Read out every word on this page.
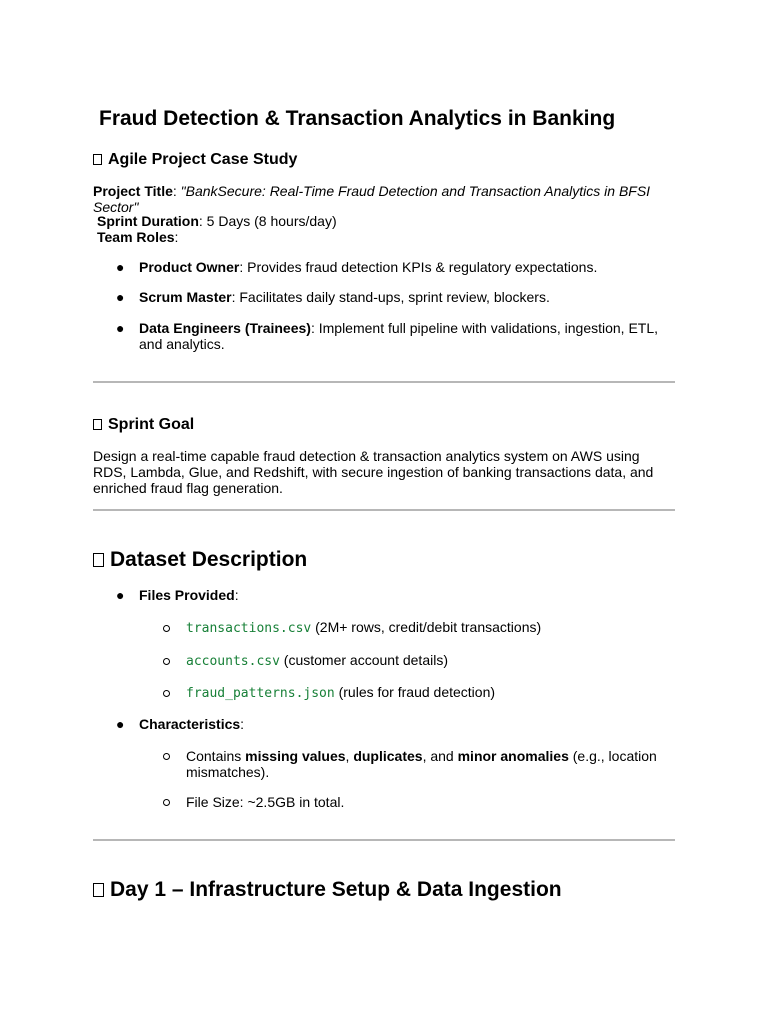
Fraud Detection & Transaction Analytics in Banking
Agile Project Case Study
Project Title: "BankSecure: Real-Time Fraud Detection and Transaction Analytics in BFSI Sector"
Sprint Duration: 5 Days (8 hours/day)
Team Roles:
● Product Owner: Provides fraud detection KPIs & regulatory expectations.
● Scrum Master: Facilitates daily stand-ups, sprint review, blockers.
● Data Engineers (Trainees): Implement full pipeline with validations, ingestion, ETL, and analytics.
Sprint Goal
Design a real-time capable fraud detection & transaction analytics system on AWS using RDS, Lambda, Glue, and Redshift, with secure ingestion of banking transactions data, and enriched fraud flag generation.
Dataset Description
● Files Provided:
transactions.csv (2M+ rows, credit/debit transactions)
accounts.csv (customer account details)
fraud_patterns.json (rules for fraud detection)
● Characteristics:
Contains missing values, duplicates, and minor anomalies (e.g., location mismatches).
File Size: ~2.5GB in total.
Day 1 – Infrastructure Setup & Data Ingestion
